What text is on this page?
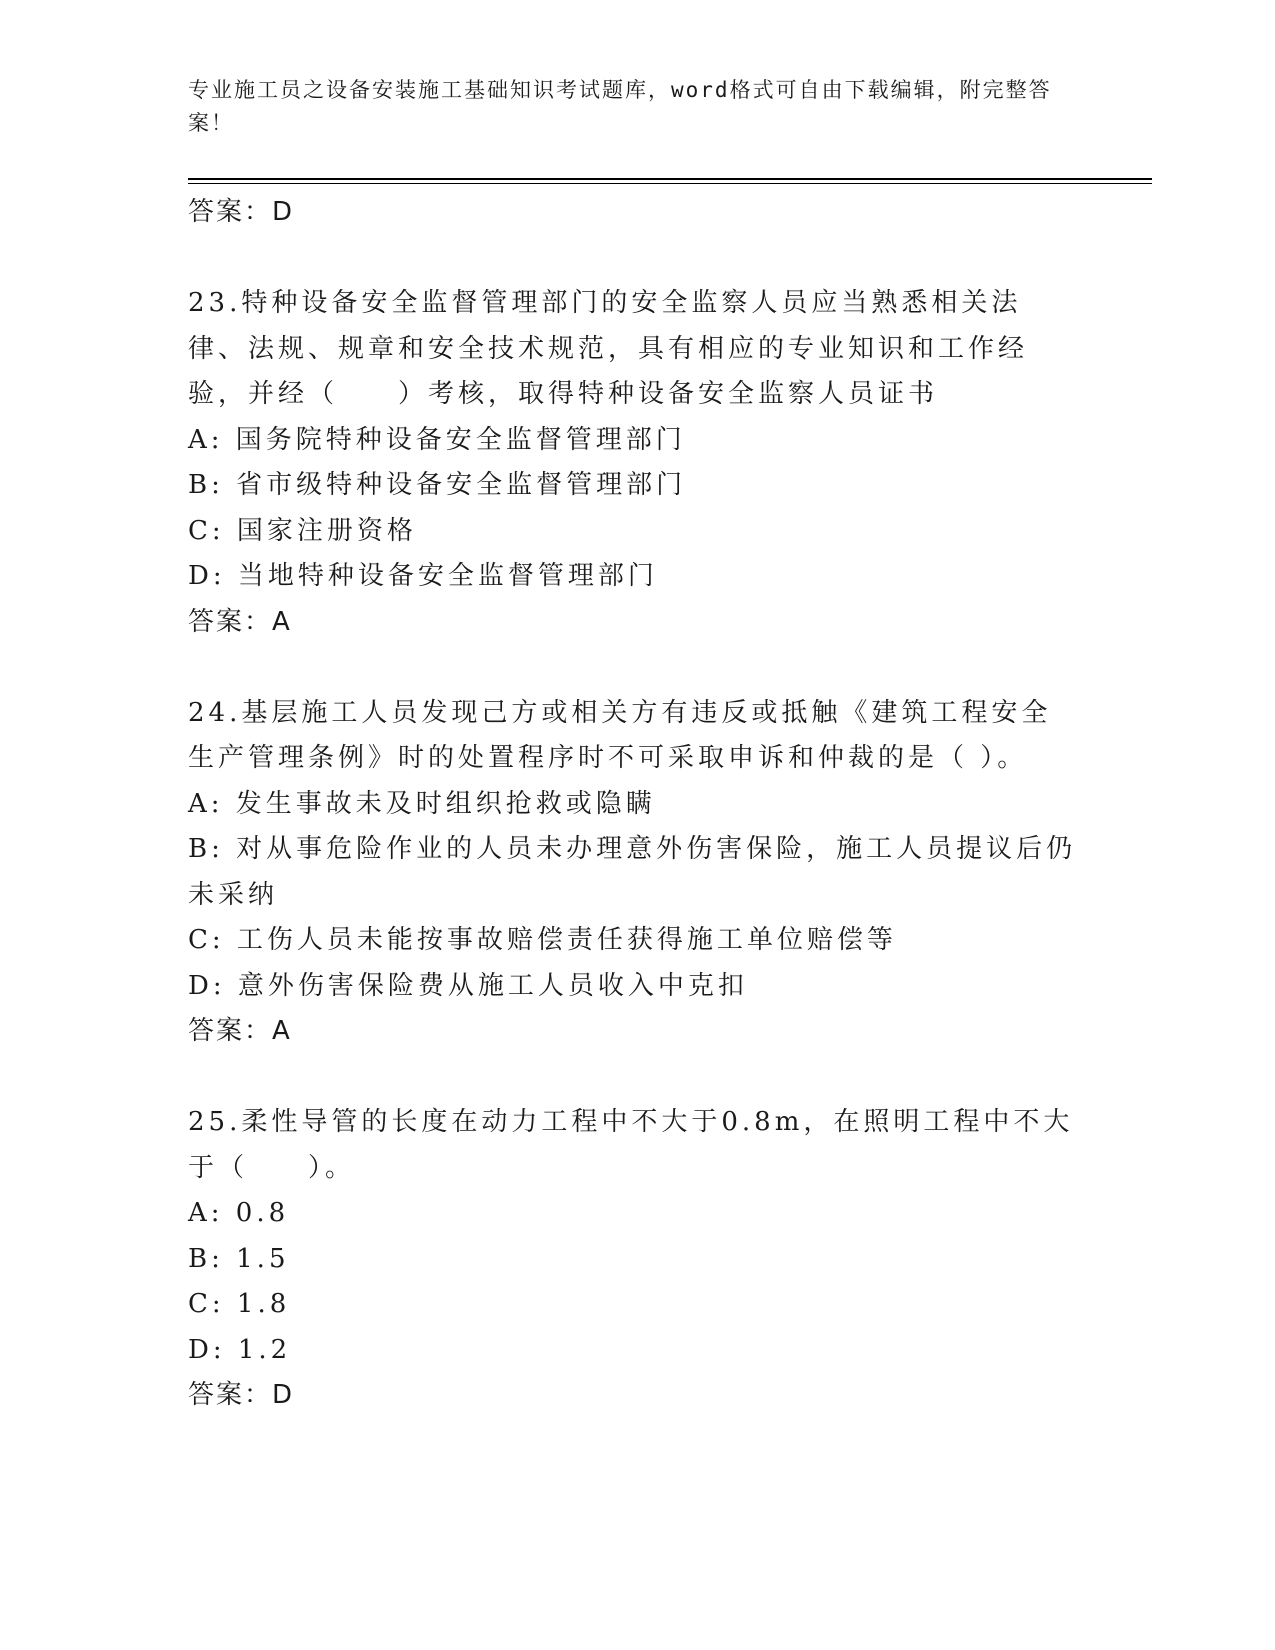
专业施工员之设备安装施工基础知识考试题库，word格式可自由下载编辑，附完整答案！

答案：D

23.特种设备安全监督管理部门的安全监察人员应当熟悉相关法律、法规、规章和安全技术规范，具有相应的专业知识和工作经验，并经（　　）考核，取得特种设备安全监察人员证书

A: 国务院特种设备安全监督管理部门

B: 省市级特种设备安全监督管理部门

C: 国家注册资格

D: 当地特种设备安全监督管理部门

答案：A

24.基层施工人员发现己方或相关方有违反或抵触《建筑工程安全生产管理条例》时的处置程序时不可采取申诉和仲裁的是（ ）。

A: 发生事故未及时组织抢救或隐瞒

B: 对从事危险作业的人员未办理意外伤害保险，施工人员提议后仍未采纳

C: 工伤人员未能按事故赔偿责任获得施工单位赔偿等

D: 意外伤害保险费从施工人员收入中克扣

答案：A

25.柔性导管的长度在动力工程中不大于0.8m，在照明工程中不大于（　　）。

A: 0.8

B: 1.5

C: 1.8

D: 1.2

答案：D
